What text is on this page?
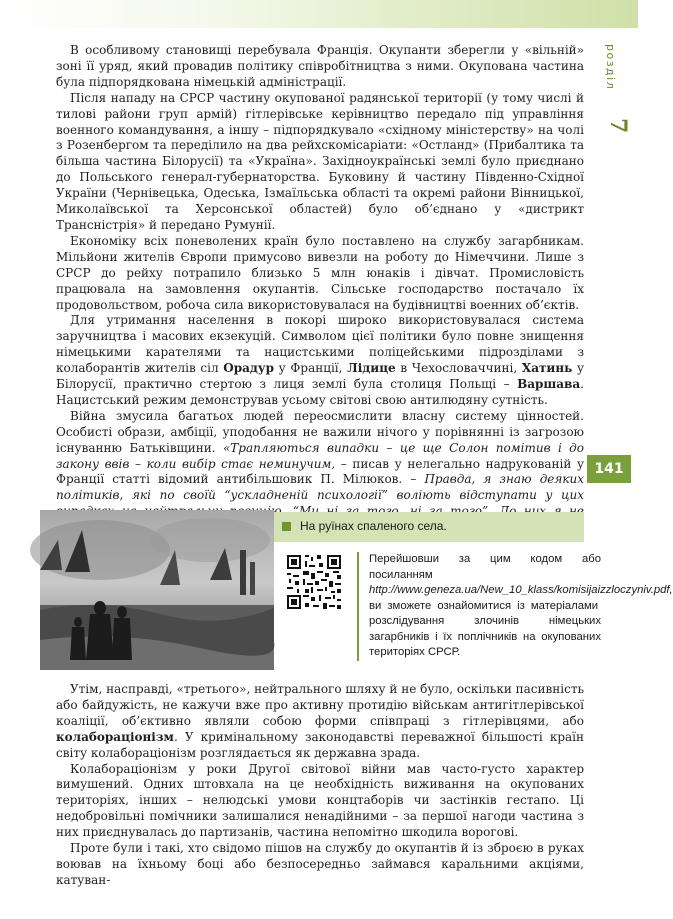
розділ
7

В особливому становищі перебувала Франція. Окупанти зберегли у «вільній» зоні її уряд, який провадив політику співробітництва з ними. Окупована частина була підпорядкована німецькій адміністрації.

Після нападу на СРСР частину окупованої радянської території (у тому числі й тилові райони груп армій) гітлерівське керівництво передало під управління военного командування, а іншу – підпорядкувало «східному міністерству» на чолі з Розенбергом та переділило на два рейхскомісаріати: «Остланд» (Прибалтика та більша частина Білорусії) та «Україна». Західноукраїнські землі було приєднано до Польського генерал-губернаторства. Буковину й частину Південно-Східної України (Чернівецька, Одеська, Ізмаїльська області та окремі райони Вінницької, Миколаївської та Херсонської областей) було об’єднано у «дистрикт Трансністрія» й передано Румунії.

Економіку всіх поневолених країн було поставлено на службу загарбникам. Мільйони жителів Європи примусово вивезли на роботу до Німеччини. Лише з СРСР до рейху потрапило близько 5 млн юнаків і дівчат. Промисловість працювала на замовлення окупантів. Сільське господарство постачало їх продовольством, робоча сила використовувалася на будівництві военних об’єктів.

Для утримання населення в покорі широко використовувалася система заручництва і масових екзекуцій. Символом цієї політики було повне знищення німецькими карателями та нацистськими поліцейськими підрозділами з колаборантів жителів сіл Орадур у Франції, Лідице в Чехословаччині, Хатинь у Білорусії, практично стертою з лиця землі була столиця Польщі – Варшава. Нацистський режим демонстрував усьому світові свою антилюдяну сутність.

Війна змусила багатьох людей переосмислити власну систему цінностей. Особисті образи, амбіції, уподобання не важили нічого у порівнянні із загрозою існуванню Батьківщини. «Трапляються випадки – це ще Солон помітив і до закону ввів – коли вибір стає неминучим, – писав у нелегально надрукованій у Франції статті відомий антибільшовик П. Мілюков. – Правда, я знаю деяких політиків, які по своїй “ускладненій психології” воліють відступати у цих

141
На руїнах спаленого села.
Перейшовши за цим кодом або посиланням http://www.geneza.ua/New_10_klass/komisijaizzloczyniv.pdf, ви зможете ознайомитися із матеріалами розслідування злочинів німецьких загарбників і їх поплічників на окупованих територіях СРСР.

Утім, насправді, «третього», нейтрального шляху й не було, оскільки пасивність або байдужість, не кажучи вже про активну протидію військам антигітлерівської коаліції, об’єктивно являли собою форми співпраці з гітлерівцями, або колабораціонізм. У кримінальному законодавстві переважної більшості країн світу колабораціонізм розглядається як державна зрада.

Колабораціонізм у роки Другої світової війни мав часто-густо характер вимушений. Одних штовхала на це необхідність виживання на окупованих територіях, інших – нелюдські умови концтаборів чи застінків гестапо. Ці недобровільні помічники залишалися ненадійними – за першої нагоди частина з них приєднувалась до партизанів, частина непомітно шкодила ворогові.

Проте були і такі, хто свідомо пішов на службу до окупантів й із зброєю в руках воював на їхньому боці або безпосередньо займався каральними акціями, катуван-
